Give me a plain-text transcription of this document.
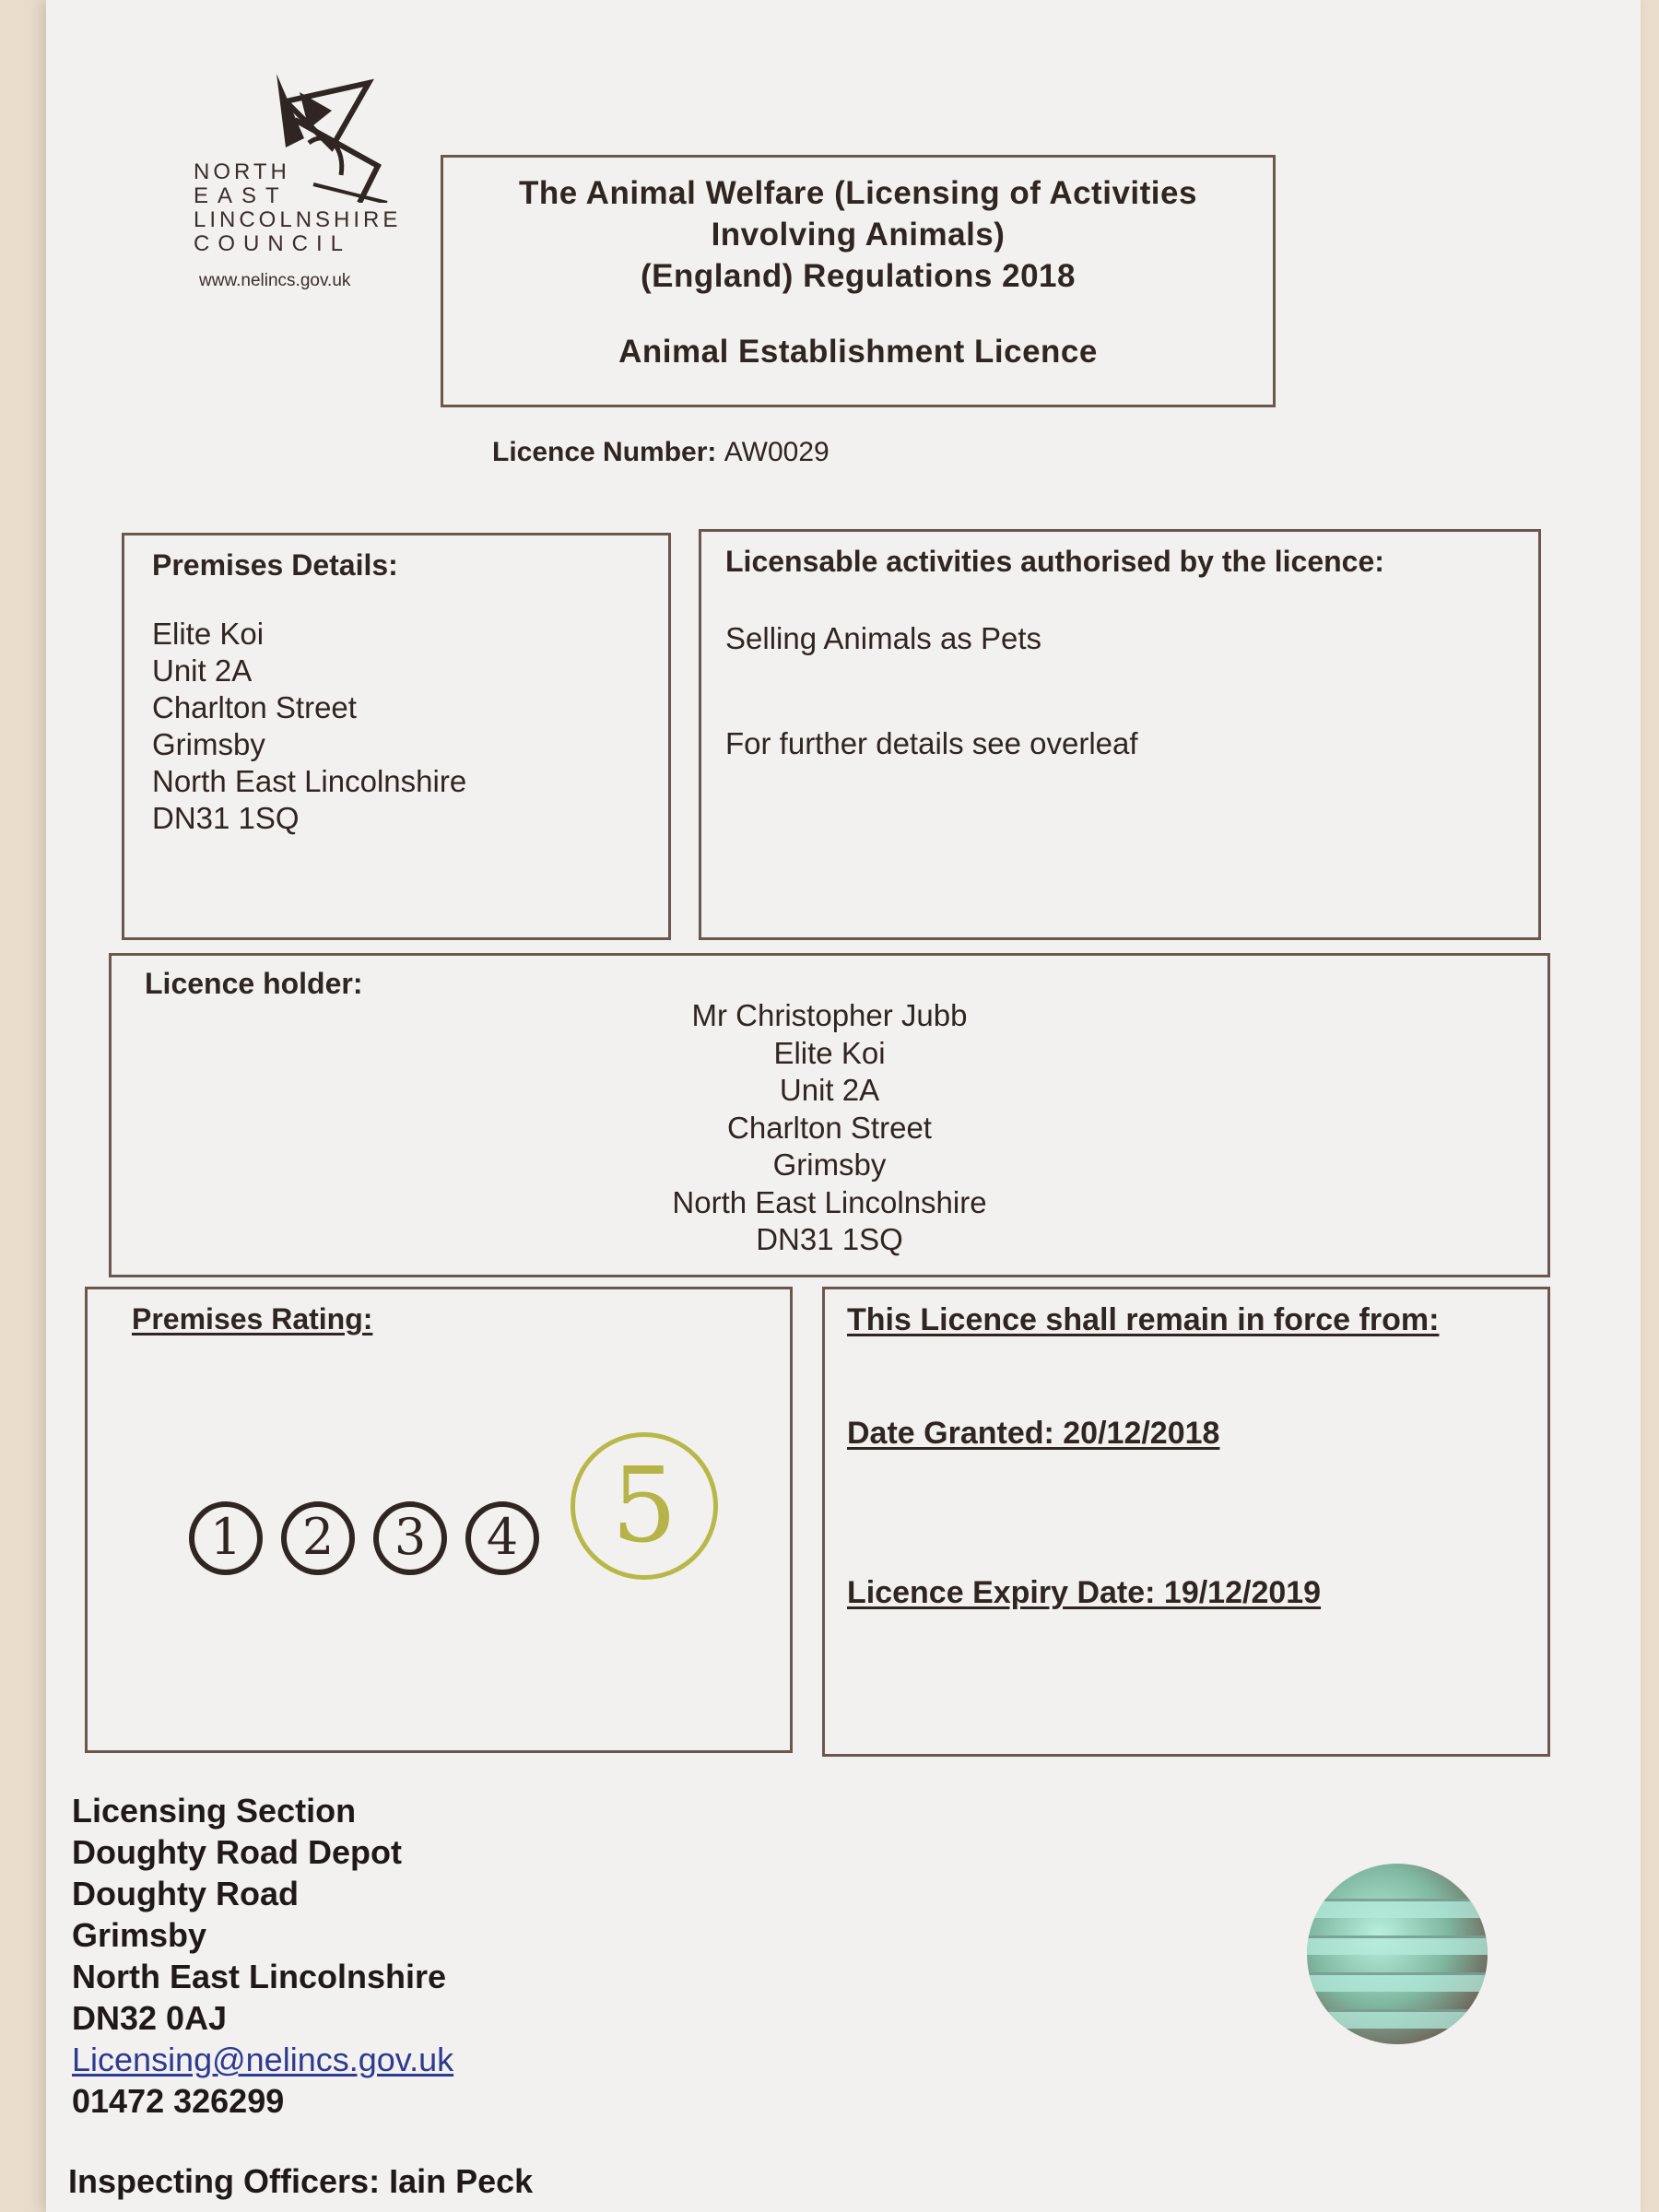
NORTH
EAST
LINCOLNSHIRE
COUNCIL
www.nelincs.gov.uk
The Animal Welfare (Licensing of Activities
Involving Animals)
(England) Regulations 2018
Animal Establishment Licence
Licence Number: AW0029
Premises Details:
Elite Koi
Unit 2A
Charlton Street
Grimsby
North East Lincolnshire
DN31 1SQ
Licensable activities authorised by the licence:
Selling Animals as Pets
For further details see overleaf
Licence holder:
Mr Christopher Jubb
Elite Koi
Unit 2A
Charlton Street
Grimsby
North East Lincolnshire
DN31 1SQ
Premises Rating:
1	2	3	4 5
This Licence shall remain in force from:
Date Granted: 20/12/2018
Licence Expiry Date: 19/12/2019
Licensing Section
Doughty Road Depot
Doughty Road
Grimsby
North East Lincolnshire
DN32 0AJ
Licensing@nelincs.gov.uk
01472 326299
Inspecting Officers: Iain Peck
